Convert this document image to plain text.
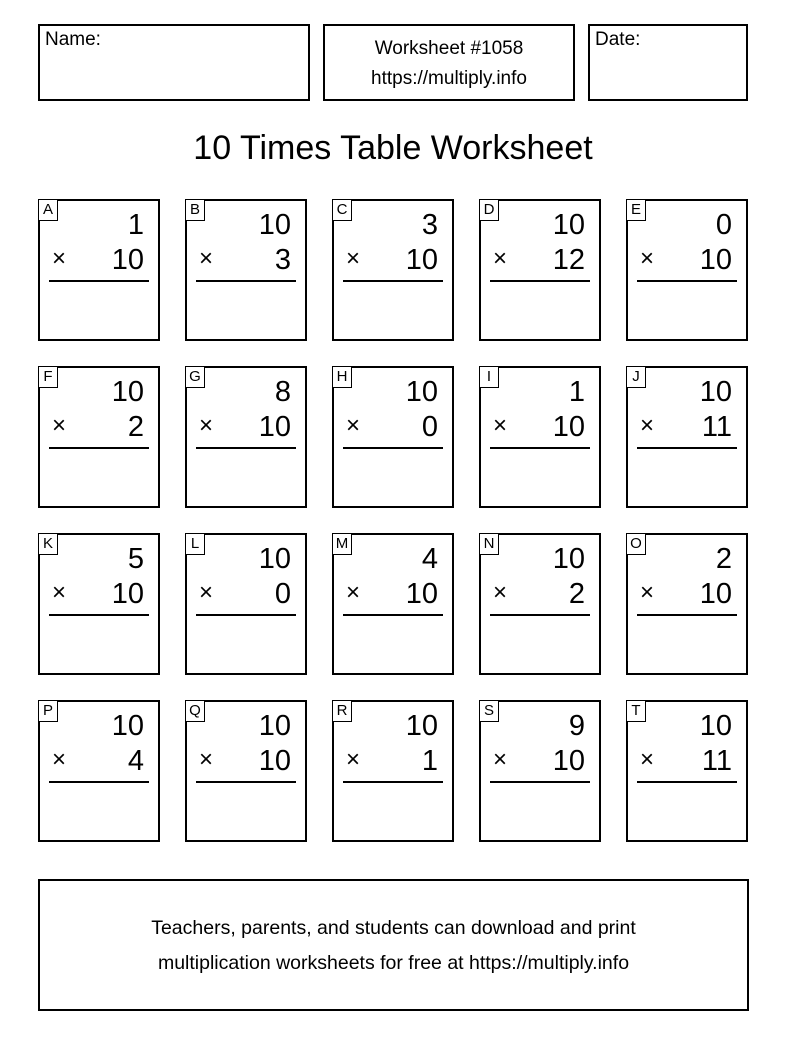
Name:	Worksheet #1058
https://multiply.info
Date:
10 Times Table Worksheet
A	1
× 10
B 10
× 3
C	3
× 10
D 10
× 12
E	0
× 10
F 10
× 2
G	8
× 10
H 10
× 0
I	1
× 10
J 10
× 11
K	5
× 10
L 10
× 0
M	4
× 10
N 10
× 2
O	2
× 10
P 10
× 4
Q 10
× 10
R 10
× 1
S	9
× 10
T 10
× 11
Teachers, parents, and students can download and print
multiplication worksheets for free at https://multiply.info
